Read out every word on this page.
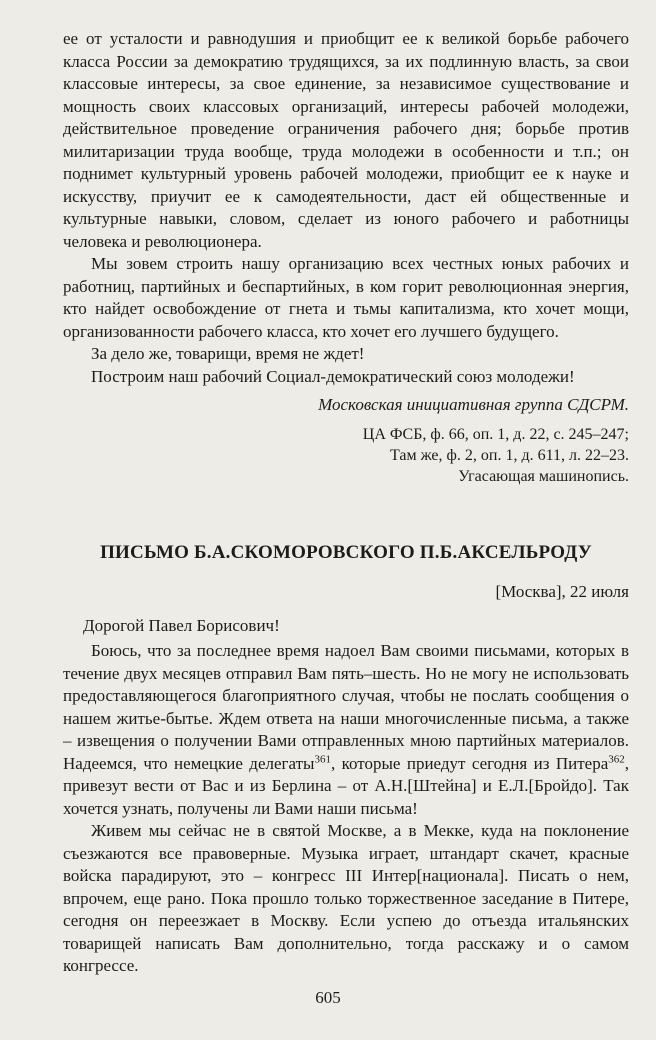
ее от усталости и равнодушия и приобщит ее к великой борьбе рабочего класса России за демократию трудящихся, за их подлинную власть, за свои классовые интересы, за свое единение, за независимое существование и мощность своих классовых организаций, интересы рабочей молодежи, действительное проведение ограничения рабочего дня; борьбе против милитаризации труда вообще, труда молодежи в особенности и т.п.; он поднимет культурный уровень рабочей молодежи, приобщит ее к науке и искусству, приучит ее к самодеятельности, даст ей общественные и культурные навыки, словом, сделает из юного рабочего и работницы человека и революционера.

Мы зовем строить нашу организацию всех честных юных рабочих и работниц, партийных и беспартийных, в ком горит революционная энергия, кто найдет освобождение от гнета и тьмы капитализма, кто хочет мощи, организованности рабочего класса, кто хочет его лучшего будущего.

За дело же, товарищи, время не ждет!

Построим наш рабочий Социал-демократический союз молодежи!

Московская инициативная группа СДСРМ.

ЦА ФСБ, ф. 66, оп. 1, д. 22, с. 245–247;

Там же, ф. 2, оп. 1, д. 611, л. 22–23.

Угасающая машинопись.

ПИСЬМО Б.А.СКОМОРОВСКОГО П.Б.АКСЕЛЬРОДУ

[Москва], 22 июля

Дорогой Павел Борисович!

Боюсь, что за последнее время надоел Вам своими письмами, которых в течение двух месяцев отправил Вам пять–шесть. Но не могу не использовать предоставляющегося благоприятного случая, чтобы не послать сообщения о нашем житье-бытье. Ждем ответа на наши многочисленные письма, а также – извещения о получении Вами отправленных мною партийных материалов. Надеемся, что немецкие делегаты$^{361}$, которые приедут сегодня из Питера$^{362}$, привезут вести от Вас и из Берлина – от А.Н.[Штейна] и Е.Л.[Бройдо]. Так хочется узнать, получены ли Вами наши письма!

Живем мы сейчас не в святой Москве, а в Мекке, куда на поклонение съезжаются все правоверные. Музыка играет, штандарт скачет, красные войска парадируют, это – конгресс III Интер[национала]. Писать о нем, впрочем, еще рано. Пока прошло только торжественное заседание в Питере, сегодня он переезжает в Москву. Если успею до отъезда итальянских товарищей написать Вам дополнительно, тогда расскажу и о самом конгрессе.

605
